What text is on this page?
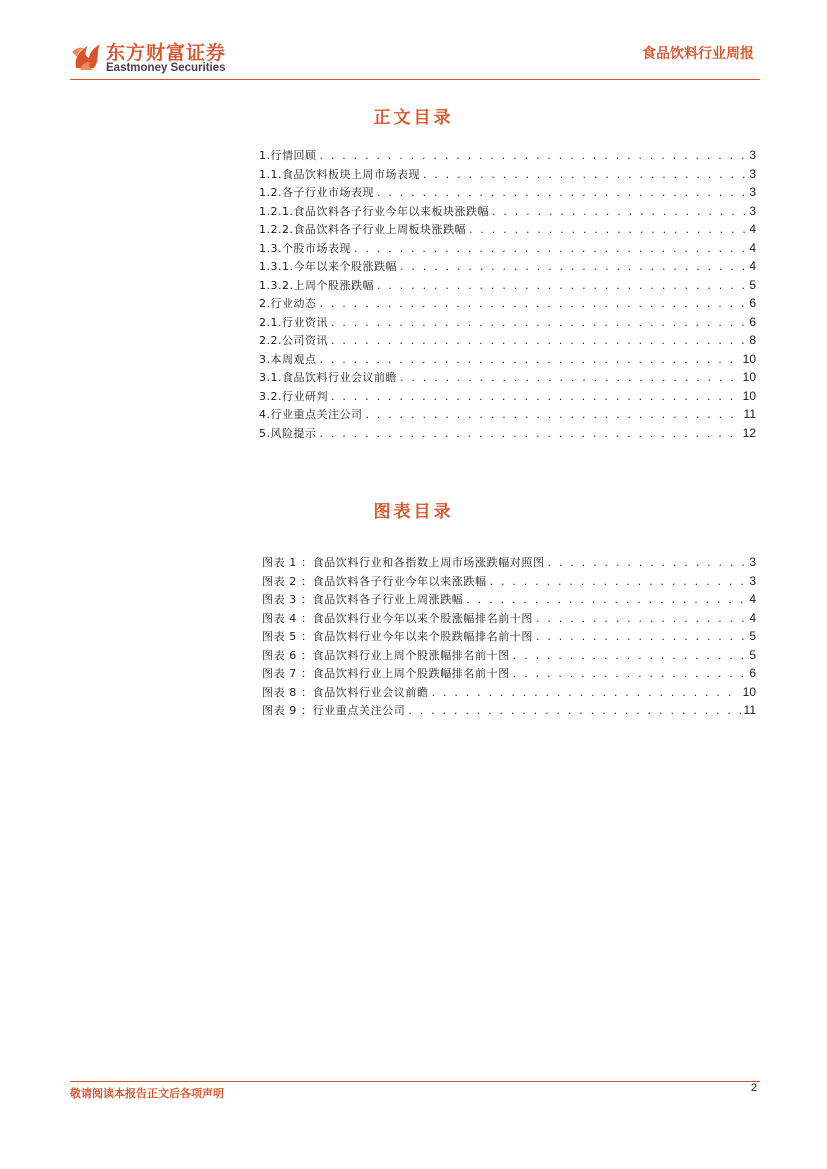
东方财富证券
Eastmoney Securities
食品饮料行业周报
正文目录
1.行情回顾 . . .	3
1.1.食品饮料板块上周市场表现 . . .	3
1.2.各子行业市场表现 . . .	3
1.2.1.食品饮料各子行业今年以来板块涨跌幅 . . .	3
1.2.2.食品饮料各子行业上周板块涨跌幅 . . .	4
1.3.个股市场表现 . . .	4
1.3.1.今年以来个股涨跌幅 . . .	4
1.3.2.上周个股涨跌幅 . . .	5
2.行业动态 . . .	6
2.1.行业资讯 . . .	6
2.2.公司资讯 . . .	8
3.本周观点 . . .	10
3.1.食品饮料行业会议前瞻 . . .	10
3.2.行业研判 . . .	10
4.行业重点关注公司 . . .	11
5.风险提示 . . .	12
图表目录
图表 1 ：食品饮料行业和各指数上周市场涨跌幅对照图 . . .	3
图表 2 ：食品饮料各子行业今年以来涨跌幅 . . .	3
图表 3 ：食品饮料各子行业上周涨跌幅 . . .	4
图表 4 ：食品饮料行业今年以来个股涨幅排名前十图 . . .	4
图表 5 ：食品饮料行业今年以来个股跌幅排名前十图 . . .	5
图表 6 ：食品饮料行业上周个股涨幅排名前十图 . . .	5
图表 7 ：食品饮料行业上周个股跌幅排名前十图 . . .	6
图表 8 ：食品饮料行业会议前瞻 . . .	10
图表 9 ：行业重点关注公司 . . .	11
敬请阅读本报告正文后各项声明	2
